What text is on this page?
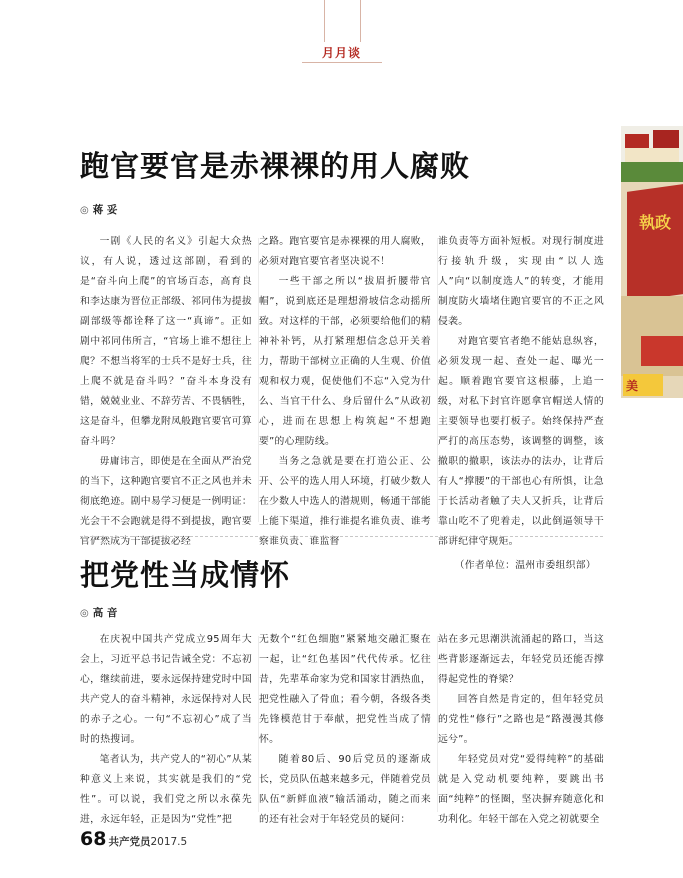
月月谈
執政
美
跑官要官是赤裸裸的用人腐败
◎ 蒋 妥

一剧《人民的名义》引起大众热议，有人说，透过这部剧，看到的是“奋斗向上爬”的官场百态，高育良和李达康为晋位正部级、祁同伟为提拔副部级等都诠释了这一“真谛”。正如剧中祁同伟所言，“官场上谁不想往上爬？不想当将军的士兵不是好士兵，往上爬不就是奋斗吗？”奋斗本身没有错，兢兢业业、不辞劳苦、不畏牺牲，这是奋斗，但攀龙附凤般跑官要官可算奋斗吗？

毋庸讳言，即使是在全面从严治党的当下，这种跑官要官不正之风也并未彻底绝迹。剧中易学习便是一例明证：光会干不会跑就是得不到提拔，跑官要官俨然成为干部提拔必经

之路。跑官要官是赤裸裸的用人腐败，必须对跑官要官者坚决说不！

一些干部之所以“拔眉折腰带官帽”，说到底还是理想滑坡信念动摇所致。对这样的干部，必须要给他们的精神补补钙，从打紧理想信念总开关着力，帮助干部树立正确的人生观、价值观和权力观，促使他们不忘“入党为什么、当官干什么、身后留什么”从政初心，进而在思想上构筑起“不想跑要”的心理防线。

当务之急就是要在打造公正、公开、公平的选人用人环境，打破少数人在少数人中选人的潜规则，畅通干部能上能下渠道，推行谁提名谁负责、谁考察谁负责、谁监督

谁负责等方面补短板。对现行制度进行接轨升级，实现由“以人选人”向“以制度选人”的转变，才能用制度防火墙堵住跑官要官的不正之风侵袭。

对跑官要官者绝不能姑息纵容，必须发现一起、查处一起、曝光一起。顺着跑官要官这根藤，上追一级，对私下封官许愿拿官帽送人情的主要领导也要打板子。始终保持严查严打的高压态势，该调整的调整，该撤职的撤职，该法办的法办，让背后有人“撑腰”的干部也心有所惧，让急于长活动者触了夫人又折兵，让背后靠山吃不了兜着走，以此倒逼领导干部讲纪律守规矩。

（作者单位：温州市委组织部）

把党性当成情怀
◎ 高 音

在庆祝中国共产党成立95周年大会上，习近平总书记告诫全党：不忘初心，继续前进，要永远保持建党时中国共产党人的奋斗精神，永远保持对人民的赤子之心。一句“不忘初心”成了当时的热搜词。

笔者认为，共产党人的“初心”从某种意义上来说，其实就是我们的“党性”。可以说，我们党之所以永葆先进，永远年轻，正是因为“党性”把

无数个“红色细胞”紧紧地交融汇聚在一起，让“红色基因”代代传承。忆往昔，先辈革命家为党和国家甘洒热血，把党性融入了骨血；看今朝，各级各类先锋模范甘于奉献，把党性当成了情怀。

随着80后、90后党员的逐渐成长，党员队伍越来越多元，伴随着党员队伍“新鲜血液”输活涌动，随之而来的还有社会对于年轻党员的疑问：

站在多元思潮洪流涌起的路口，当这些背影逐渐远去，年轻党员还能否撑得起党性的脊梁？

回答自然是肯定的，但年轻党员的党性“修行”之路也是“路漫漫其修远兮”。

年轻党员对党“爱得纯粹”的基础就是入党动机要纯粹，要跳出书面“纯粹”的怪圈，坚决摒弃随意化和功利化。年轻干部在入党之初就要全

68 共产党员2017.5
